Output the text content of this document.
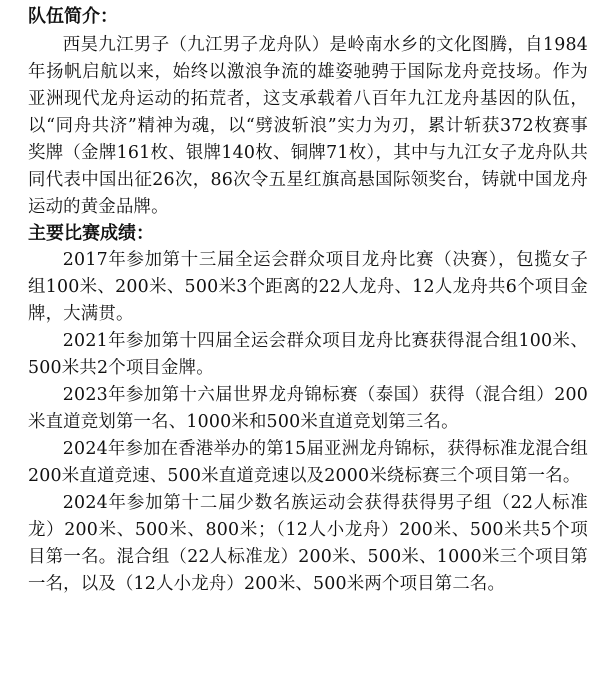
队伍简介：

西昊九江男子（九江男子龙舟队）是岭南水乡的文化图腾，自1984年扬帆启航以来，始终以激浪争流的雄姿驰骋于国际龙舟竞技场。作为亚洲现代龙舟运动的拓荒者，这支承载着八百年九江龙舟基因的队伍，以“同舟共济”精神为魂，以“劈波斩浪”实力为刃，累计斩获372枚赛事奖牌（金牌161枚、银牌140枚、铜牌71枚），其中与九江女子龙舟队共同代表中国出征26次，86次令五星红旗高悬国际领奖台，铸就中国龙舟运动的黄金品牌。

主要比赛成绩：

2017年参加第十三届全运会群众项目龙舟比赛（决赛），包揽女子组100米、200米、500米3个距离的22人龙舟、12人龙舟共6个项目金牌，大满贯。

2021年参加第十四届全运会群众项目龙舟比赛获得混合组100米、500米共2个项目金牌。

2023年参加第十六届世界龙舟锦标赛（泰国）获得（混合组）200米直道竞划第一名、1000米和500米直道竞划第三名。

2024年参加在香港举办的第15届亚洲龙舟锦标，获得标准龙混合组200米直道竞速、500米直道竞速以及2000米绕标赛三个项目第一名。

2024年参加第十二届少数名族运动会获得获得男子组（22人标准龙）200米、500米、800米；（12人小龙舟）200米、500米共5个项目第一名。混合组（22人标准龙）200米、500米、1000米三个项目第一名，以及（12人小龙舟）200米、500米两个项目第二名。
